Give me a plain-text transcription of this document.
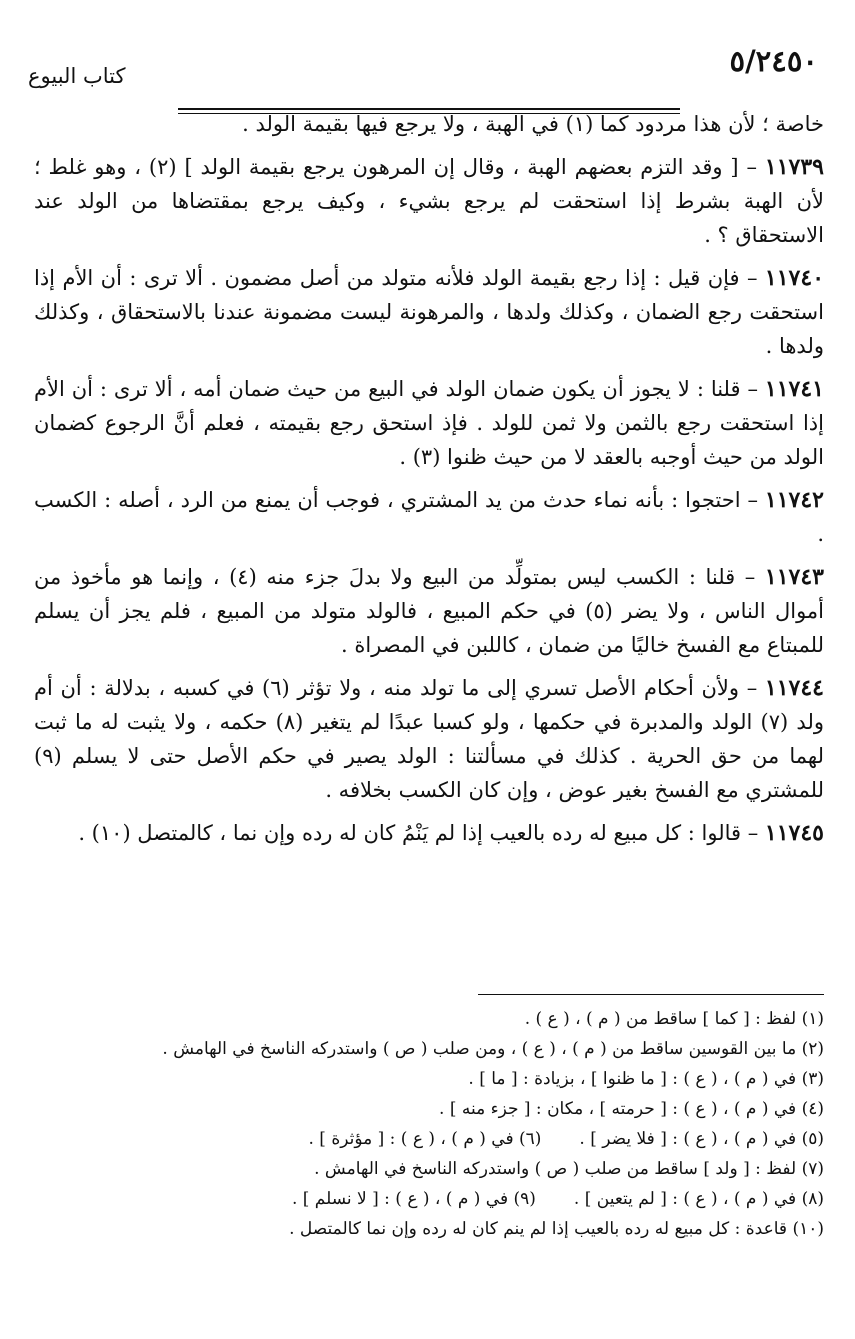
٥/٢٤٥٠
كتاب البيوع

خاصة ؛ لأن هذا مردود كما (١) في الهبة ، ولا يرجع فيها بقيمة الولد .

١١٧٣٩ – [ وقد التزم بعضهم الهبة ، وقال إن المرهون يرجع بقيمة الولد ] (٢) ، وهو غلط ؛ لأن الهبة بشرط إذا استحقت لم يرجع بشيء ، وكيف يرجع بمقتضاها من الولد عند الاستحقاق ؟ .

١١٧٤٠ – فإن قيل : إذا رجع بقيمة الولد فلأنه متولد من أصل مضمون . ألا ترى : أن الأم إذا استحقت رجع الضمان ، وكذلك ولدها ، والمرهونة ليست مضمونة عندنا بالاستحقاق ، وكذلك ولدها .

١١٧٤١ – قلنا : لا يجوز أن يكون ضمان الولد في البيع من حيث ضمان أمه ، ألا ترى : أن الأم إذا استحقت رجع بالثمن ولا ثمن للولد . فإذ استحق رجع بقيمته ، فعلم أنَّ الرجوع كضمان الولد من حيث أوجبه بالعقد لا من حيث ظنوا (٣) .

١١٧٤٢ – احتجوا : بأنه نماء حدث من يد المشتري ، فوجب أن يمنع من الرد ، أصله : الكسب .

١١٧٤٣ – قلنا : الكسب ليس بمتولِّد من البيع ولا بدلَ جزء منه (٤) ، وإنما هو مأخوذ من أموال الناس ، ولا يضر (٥) في حكم المبيع ، فالولد متولد من المبيع ، فلم يجز أن يسلم للمبتاع مع الفسخ خاليًا من ضمان ، كاللبن في المصراة .

١١٧٤٤ – ولأن أحكام الأصل تسري إلى ما تولد منه ، ولا تؤثر (٦) في كسبه ، بدلالة : أن أم ولد (٧) الولد والمدبرة في حكمها ، ولو كسبا عبدًا لم يتغير (٨) حكمه ، ولا يثبت له ما ثبت لهما من حق الحرية . كذلك في مسألتنا : الولد يصير في حكم الأصل حتى لا يسلم (٩) للمشتري مع الفسخ بغير عوض ، وإن كان الكسب بخلافه .

١١٧٤٥ – قالوا : كل مبيع له رده بالعيب إذا لم يَنْمُ كان له رده وإن نما ، كالمتصل (١٠) .

(١) لفظ : [ كما ] ساقط من ( م ) ، ( ع ) .
(٢) ما بين القوسين ساقط من ( م ) ، ( ع ) ، ومن صلب ( ص ) واستدركه الناسخ في الهامش .
(٣) في ( م ) ، ( ع ) : [ ما ظنوا ] ، بزيادة : [ ما ] .
(٤) في ( م ) ، ( ع ) : [ حرمته ] ، مكان : [ جزء منه ] .
(٥) في ( م ) ، ( ع ) : [ فلا يضر ] .
(٦) في ( م ) ، ( ع ) : [ مؤثرة ] .
(٧) لفظ : [ ولد ] ساقط من صلب ( ص ) واستدركه الناسخ في الهامش .
(٨) في ( م ) ، ( ع ) : [ لم يتعين ] .
(٩) في ( م ) ، ( ع ) : [ لا نسلم ] .
(١٠) قاعدة : كل مبيع له رده بالعيب إذا لم ينم كان له رده وإن نما كالمتصل .
